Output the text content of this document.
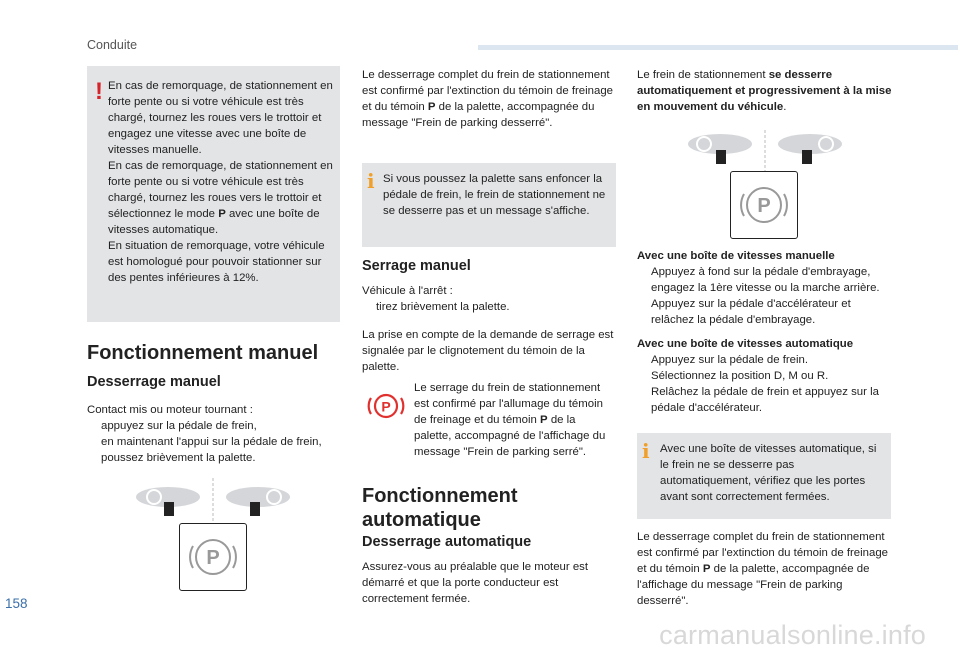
Conduite
! En cas de remorquage, de stationnement en forte pente ou si votre véhicule est très chargé, tournez les roues vers le trottoir et engagez une vitesse avec une boîte de vitesses manuelle.

En cas de remorquage, de stationnement en forte pente ou si votre véhicule est très chargé, tournez les roues vers le trottoir et sélectionnez le mode P avec une boîte de vitesses automatique.

En situation de remorquage, votre véhicule est homologué pour pouvoir stationner sur des pentes inférieures à 12%.

Fonctionnement manuel
Desserrage manuel

Contact mis ou moteur tournant :

appuyez sur la pédale de frein,
en maintenant l'appui sur la pédale de frein, poussez brièvement la palette.
P

Le desserrage complet du frein de stationnement est confirmé par l'extinction du témoin de freinage et du témoin P de la palette, accompagnée du message "Frein de parking desserré".

i Si vous poussez la palette sans enfoncer la pédale de frein, le frein de stationnement ne se desserre pas et un message s'affiche.
Serrage manuel

Véhicule à l'arrêt :

tirez brièvement la palette.

La prise en compte de la demande de serrage est signalée par le clignotement du témoin de la palette.

P

Le serrage du frein de stationnement est confirmé par l'allumage du témoin de freinage et du témoin P de la palette, accompagné de l'affichage du message "Frein de parking serré".

Fonctionnement
automatique
Desserrage automatique

Assurez-vous au préalable que le moteur est démarré et que la porte conducteur est correctement fermée.

Le frein de stationnement se desserre automatiquement et progressivement à la mise en mouvement du véhicule.

P

Avec une boîte de vitesses manuelle

Appuyez à fond sur la pédale d'embrayage, engagez la 1ère vitesse ou la marche arrière.
Appuyez sur la pédale d'accélérateur et relâchez la pédale d'embrayage.

Avec une boîte de vitesses automatique

Appuyez sur la pédale de frein.
Sélectionnez la position D, M ou R.
Relâchez la pédale de frein et appuyez sur la pédale d'accélérateur.
i Avec une boîte de vitesses automatique, si le frein ne se desserre pas automatiquement, vérifiez que les portes avant sont correctement fermées.

Le desserrage complet du frein de stationnement est confirmé par l'extinction du témoin de freinage et du témoin P de la palette, accompagnée de l'affichage du message "Frein de parking desserré".

158
carmanualsonline.info
